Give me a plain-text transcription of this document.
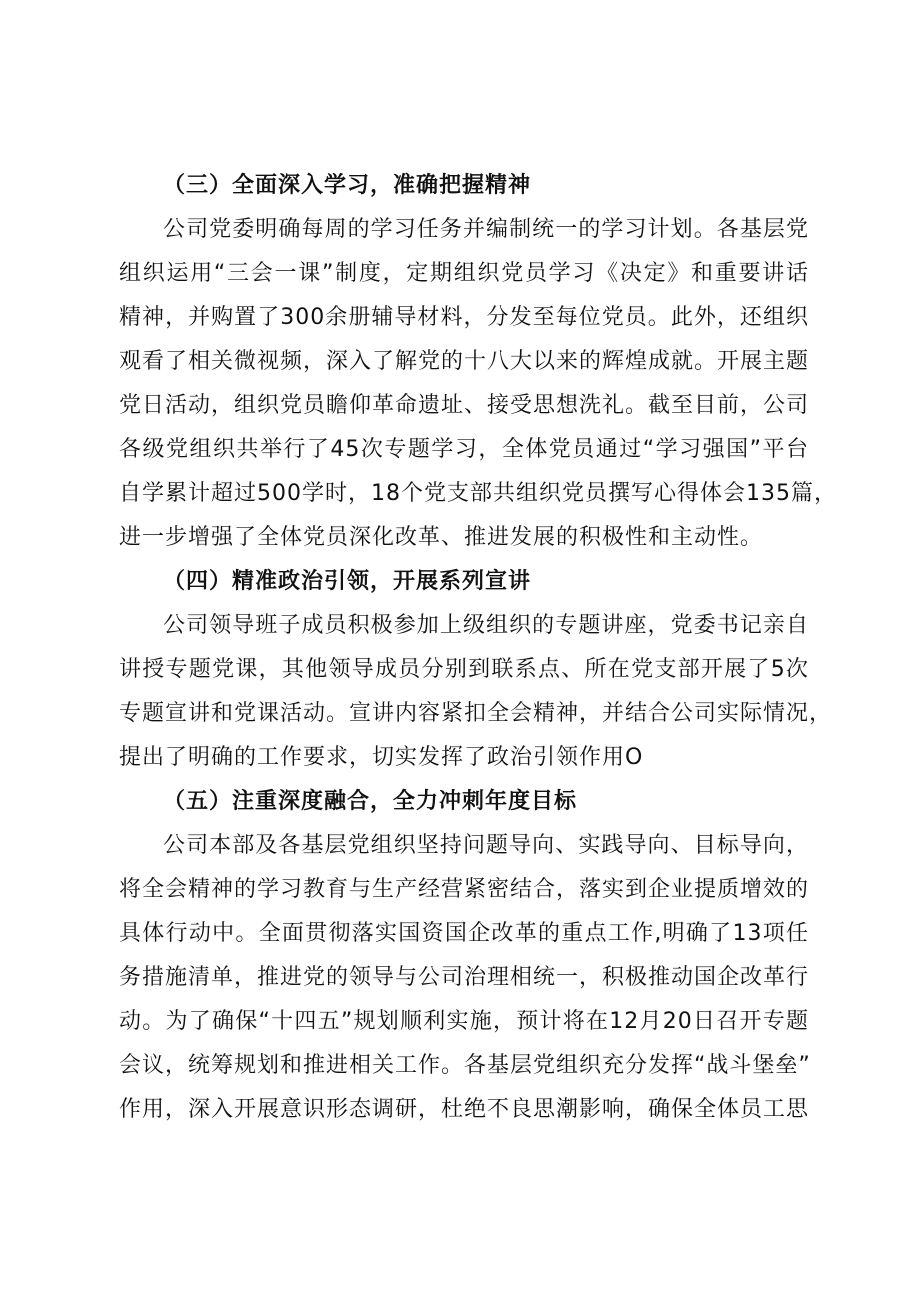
（三）全面深入学习，准确把握精神

公司党委明确每周的学习任务并编制统一的学习计划。各基层党
组织运用“三会一课”制度，定期组织党员学习《决定》和重要讲话
精神，并购置了300余册辅导材料，分发至每位党员。此外，还组织
观看了相关微视频，深入了解党的十八大以来的辉煌成就。开展主题
党日活动，组织党员瞻仰革命遗址、接受思想洗礼。截至目前，公司
各级党组织共举行了45次专题学习，全体党员通过“学习强国”平台
自学累计超过500学时，18个党支部共组织党员撰写心得体会135篇，
进一步增强了全体党员深化改革、推进发展的积极性和主动性。

（四）精准政治引领，开展系列宣讲

公司领导班子成员积极参加上级组织的专题讲座，党委书记亲自
讲授专题党课，其他领导成员分别到联系点、所在党支部开展了5次
专题宣讲和党课活动。宣讲内容紧扣全会精神，并结合公司实际情况，
提出了明确的工作要求，切实发挥了政治引领作用O

（五）注重深度融合，全力冲刺年度目标

公司本部及各基层党组织坚持问题导向、实践导向、目标导向，
将全会精神的学习教育与生产经营紧密结合，落实到企业提质增效的
具体行动中。全面贯彻落实国资国企改革的重点工作,明确了13项任
务措施清单，推进党的领导与公司治理相统一，积极推动国企改革行
动。为了确保“十四五”规划顺利实施，预计将在12月20日召开专题
会议，统筹规划和推进相关工作。各基层党组织充分发挥“战斗堡垒”
作用，深入开展意识形态调研，杜绝不良思潮影响，确保全体员工思
